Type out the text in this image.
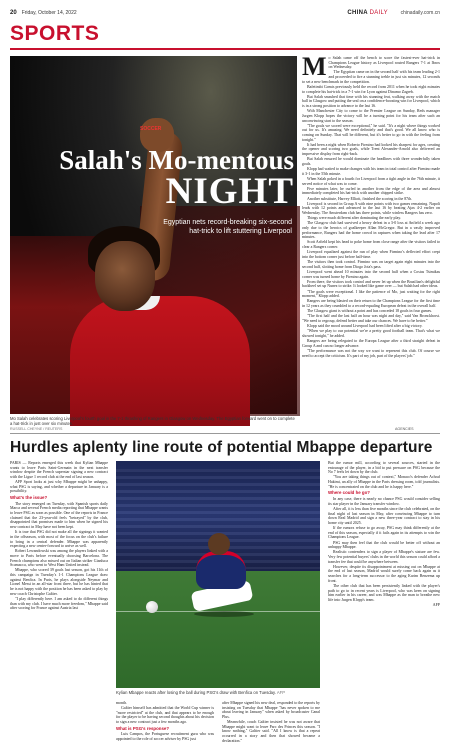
20 Friday, October 14, 2022	CHINA DAILY	chinadaily.com.cn
SPORTS
SOCCER
Salah's Mo-mentous
NIGHT
Egyptian nets record-breaking six-second hat-trick to lift stuttering Liverpool
Mo Salah celebrates scoring Liverpool's fourth goal in the 7-1 thrashing of Rangers in Glasgow on Wednesday. The Egyptian forward went on to complete a hat-trick in just over six minutes.
RUSSELL CHEYNE / REUTERS	AGENCIES

Mo Salah came off the bench to score the fastest-ever hat-trick in Champions League history as Liverpool routed Rangers 7-1 at Ibrox on Wednesday.

The Egyptian came on in the second half with his team leading 2-1 and proceeded to fire a stunning treble in just six minutes, 12 seconds to set a new benchmark in the competition.

Bafetimbi Gomis previously held the record from 2011 when he took eight minutes to complete his hat-trick in a 7-1 win for Lyon against Dinamo Zagreb.

But Salah smashed that time with his stunning feat, walking away with the match ball in Glasgow and putting the seal on a confidence-boosting win for Liverpool, which is in a strong position to advance to the last 16.

With Manchester City to come to the Premier League on Sunday, Reds manager Jurgen Klopp hopes the victory will be a turning point for his team after such an unconvincing start to the season.

"The goals we scored were exceptional," he said. "It's a night where things worked out for us. It's amazing. We need definitely and that's good. We all know who is coming on Sunday. That will be different, but it's better to go in with the feeling from tonight."

It had been a night when Roberto Firmino had looked his sharpest for ages, creating the opener and scoring two goals, while Trent Alexander-Arnold also delivered an impressive display from right-back.

But Salah ensured he would dominate the headlines with three wonderfully taken goals.

Klopp had waited to make changes with his team in total control after Firmino made it 3-1 in the 55th minute.

When Salah poked in a fourth for Liverpool from a tight angle in the 76th minute, it served notice of what was to come.

Five minutes later, he curled in another from the edge of the area and almost immediately completed his hat-trick with another chipped strike.

Another substitute, Harvey Elliott, finished the scoring in the 87th.

Liverpool is second in Group A with nine points with two games remaining. Napoli leads with 12 points and advanced to the last 16 by beating Ajax 4-2 earlier on Wednesday. The Amsterdam club has three points, while winless Rangers has zero.

Things were much different after dominating the early play.

The Glasgow club had survived a heavy defeat in a 3-0 loss at Anfield a week ago only due to the heroics of goalkeeper Allan McGregor. But in a vastly improved performance, Rangers had the home crowd in raptures when taking the lead after 17 minutes.

Scott Arfield kept his head to poke home from close range after the visitors failed to clear a Rangers corner.

Liverpool equalized against the run of play when Firmino's deflected effort crept into the bottom corner just before half-time.

The visitors then took control. Firmino was on target again eight minutes into the second half, slotting home from Diogo Jota's pass.

Liverpool went ahead 10 minutes into the second half when a Costas Tsimikas corner was turned home by Firmino again.

From there, the visitors took control and never let up when the Brazilian's delightful backheel set up Nunez to strike. It looked like game over — but Salah had other ideas.

"The goals were exceptional. I like the patience of Mo, just waiting for the right moment," Klopp added.

Rangers are being blasted on their return to the Champions League for the first time in 12 years as they crumbled to a record-equaling European defeat in the overall half.

The Glasgow giant is without a point and has conceded 18 goals in four games.

"The first half and the last half an hour was night and day," said Van Bronckhorst. "We need to regroup, defend better and take our chances. We have to be better."

Klopp said the mood around Liverpool had been lifted after a big victory.

"When we play to our potential we're a pretty good football team. That's what we showed tonight," he added.

Rangers are being relegated to the Europa League after a third straight defeat in Group A and can no longer advance.

"The performance was not the way we want to represent this club. Of course we need to accept the criticism. It's part of my job, part of the players' job."

Hurdles aplenty line route of potential Mbappe departure

PARIS — Reports emerged this week that Kylian Mbappe wants to leave Paris Saint-Germain in the next transfer window despite the French superstar signing a new contract with the Ligue 1 record club at the end of last season.

AFP Sport looks at just why Mbappe might be unhappy, what PSG is saying, and whether a departure in January is a possibility.

What's the issue?

The story emerged on Tuesday, with Spanish sports daily Marca and several French media reporting that Mbappe wants to leave PSG as soon as possible. One of the reports in France claimed that the 23-year-old feels "betrayed" by the club, disappointed that promises made to him when he signed his new contract in May have not been kept.

It is true that PSG did not make all the signings it wanted in the offseason, with most of the focus on the club's failure to bring in a central defender. Mbappe was apparently expecting a new center-forward to arrive as well.

Robert Lewandowski was among the players linked with a move to Paris before eventually choosing Barcelona. The French champions also missed out on Italian striker Gianluca Scamacca, who went to West Ham United instead.

Mbappe, who scored 39 goals last season, got his 11th of this campaign in Tuesday's 1-1 Champions League draw against Benfica. In Paris, he plays alongside Neymar and Lionel Messi in an all-star front three, but he has hinted that he is not happy with the position he has been asked to play by new coach Christophe Galtier.

"I play differently here. I am asked to do different things than with my club. I have much more freedom," Mbappe said after scoring for France against Austria last

Kylian Mbappe reacts after losing the ball during PSG's draw with Benfica on Tuesday. AFP

month.

Galtier himself has admitted that the World Cup winner is "more restricted" at the club, and that appears to be enough for the player to be having second thoughts about his decision to sign a new contract just a few months ago.

What is PSG's response?

Luis Campos, the Portuguese recruitment guru who was appointed to the role of soccer adviser by PSG just

after Mbappe signed his new deal, responded to the reports by insisting on Tuesday that Mbappe "has never spoken to me about leaving in January" when asked by broadcaster Canal Plus.

Meanwhile, coach Galtier insisted he was not aware that Mbappe might want to leave Parc des Princes this season. "I know nothing," Galtier said. "All I know is that a repeat occurred in a story and then that showed became a declaration."

But the rumor mill, according to several sources, started in the entourage of the player, in a bid to put pressure on PSG because the No 7 feels let down by the club.

"You are taking things out of context," Monaco's defender Achraf Hakimi, an ally of Mbappe in the Paris dressing room, told journalists. "He is concentrated on the club and he is happy here."

Where could he go?

In any case, there is nearly no chance PSG would consider selling its star player in the January transfer window.

After all, it is less than five months since the club celebrated, on the final night of last season in May, after convincing Mbappe to turn down Real Madrid and sign a new three-year contract to stay in his home city until 2025.

If the rumors refuse to go away, PSG may think differently at the end of this season, especially if it fails again in its attempts to win the Champions League.

PSG may then feel that the club would be better off without an unhappy Mbappe.

Realistic contenders to sign a player of Mbappe's stature are few. Very few potential buyers' clubs in the world this season could afford a transfer fee that could be anywhere between.

However, despite its disappointment at missing out on Mbappe at the end of last season, Madrid would surely come back again as it searches for a long-term successor to the aging Karim Benzema up front.

The other club that has been persistently linked with the player's path to go to in recent years is Liverpool, who was keen on signing him earlier in his career, and was Mbappe as the man to breathe new life into Jurgen Klopp's team.

AFP
